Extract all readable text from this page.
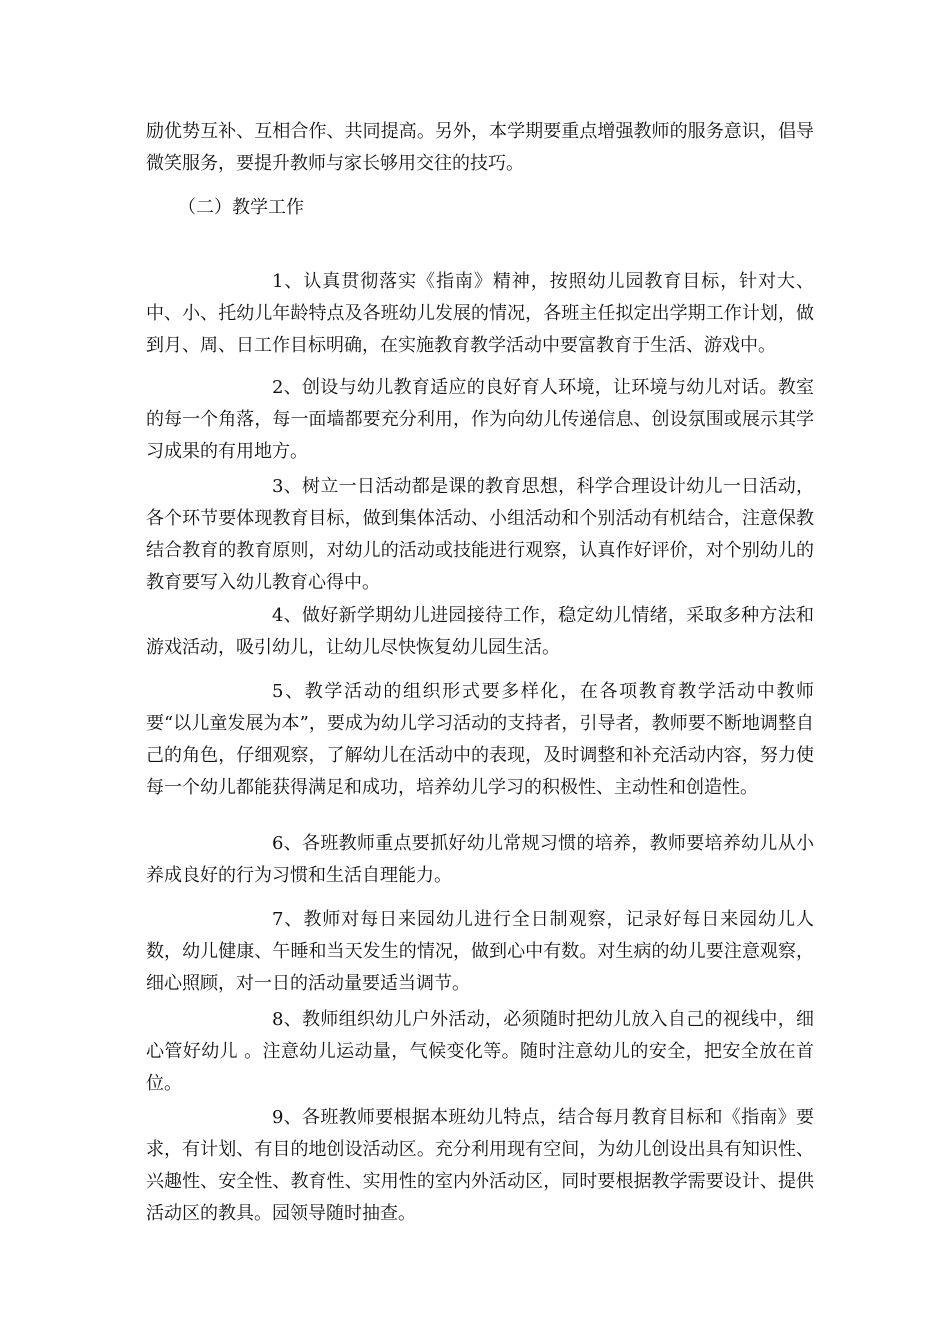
励优势互补、互相合作、共同提高。另外，本学期要重点增强教师的服务意识，倡导微笑服务，要提升教师与家长够用交往的技巧。

（二）教学工作

1、认真贯彻落实《指南》精神，按照幼儿园教育目标，针对大、中、小、托幼儿年龄特点及各班幼儿发展的情况，各班主任拟定出学期工作计划，做到月、周、日工作目标明确，在实施教育教学活动中要富教育于生活、游戏中。

2、创设与幼儿教育适应的良好育人环境，让环境与幼儿对话。教室的每一个角落，每一面墙都要充分利用，作为向幼儿传递信息、创设氛围或展示其学习成果的有用地方。

3、树立一日活动都是课的教育思想，科学合理设计幼儿一日活动，各个环节要体现教育目标，做到集体活动、小组活动和个别活动有机结合，注意保教结合教育的教育原则，对幼儿的活动或技能进行观察，认真作好评价，对个别幼儿的教育要写入幼儿教育心得中。

4、做好新学期幼儿进园接待工作，稳定幼儿情绪，采取多种方法和游戏活动，吸引幼儿，让幼儿尽快恢复幼儿园生活。

5、教学活动的组织形式要多样化，在各项教育教学活动中教师要“以儿童发展为本”，要成为幼儿学习活动的支持者，引导者，教师要不断地调整自己的角色，仔细观察，了解幼儿在活动中的表现，及时调整和补充活动内容，努力使每一个幼儿都能获得满足和成功，培养幼儿学习的积极性、主动性和创造性。

6、各班教师重点要抓好幼儿常规习惯的培养，教师要培养幼儿从小养成良好的行为习惯和生活自理能力。

7、教师对每日来园幼儿进行全日制观察，记录好每日来园幼儿人数，幼儿健康、午睡和当天发生的情况，做到心中有数。对生病的幼儿要注意观察，细心照顾，对一日的活动量要适当调节。

8、教师组织幼儿户外活动，必须随时把幼儿放入自己的视线中，细心管好幼儿 。注意幼儿运动量，气候变化等。随时注意幼儿的安全，把安全放在首位。

9、各班教师要根据本班幼儿特点，结合每月教育目标和《指南》要求，有计划、有目的地创设活动区。充分利用现有空间，为幼儿创设出具有知识性、兴趣性、安全性、教育性、实用性的室内外活动区，同时要根据教学需要设计、提供活动区的教具。园领导随时抽查。
